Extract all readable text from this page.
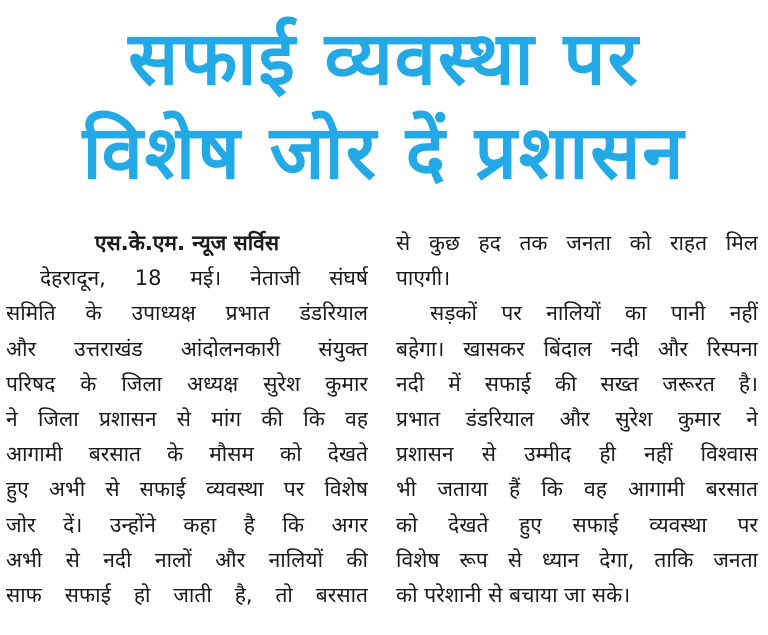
सफाई व्यवस्था पर
विशेष जोर दें प्रशासन
एस.के.एम. न्यूज सर्विस
देहरादून, 18 मई। नेताजी संघर्ष
समिति के उपाध्यक्ष प्रभात डंडरियाल
और उत्तराखंड आंदोलनकारी संयुक्त
परिषद के जिला अध्यक्ष सुरेश कुमार
ने जिला प्रशासन से मांग की कि वह
आगामी बरसात के मौसम को देखते
हुए अभी से सफाई व्यवस्था पर विशेष
जोर दें। उन्होंने कहा है कि अगर
अभी से नदी नालों और नालियों की
साफ सफाई हो जाती है, तो बरसात
से कुछ हद तक जनता को राहत मिल
पाएगी।
सड़कों पर नालियों का पानी नहीं
बहेगा। खासकर बिंदाल नदी और रिस्पना
नदी में सफाई की सख्त जरूरत है।
प्रभात डंडरियाल और सुरेश कुमार ने
प्रशासन से उम्मीद ही नहीं विश्वास
भी जताया हैं कि वह आगामी बरसात
को देखते हुए सफाई व्यवस्था पर
विशेष रूप से ध्यान देगा, ताकि जनता
को परेशानी से बचाया जा सके।
